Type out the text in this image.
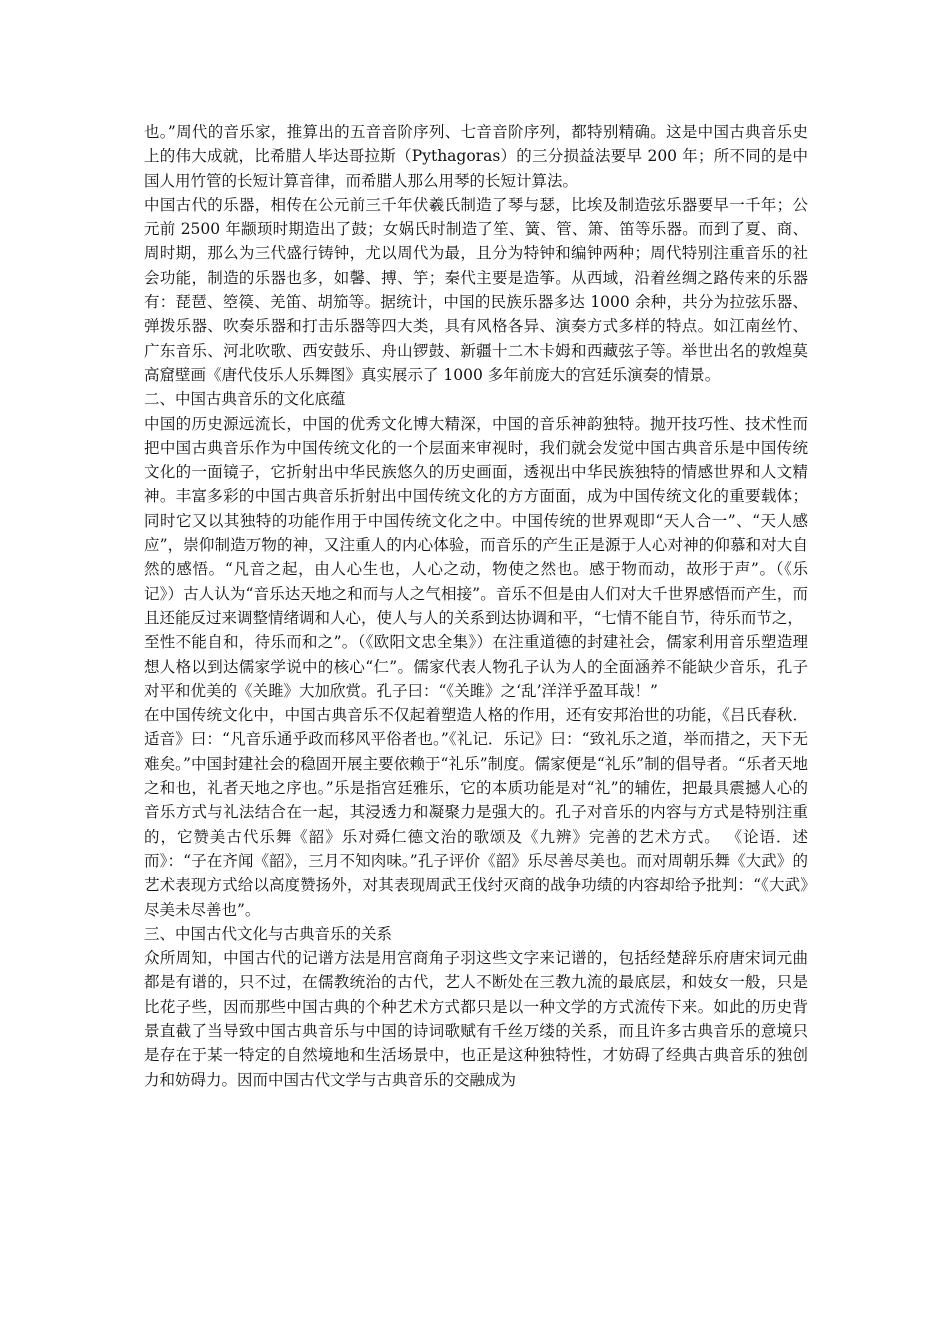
也。”周代的音乐家，推算出的五音音阶序列、七音音阶序列，都特别精确。这是中国古典音乐史上的伟大成就，比希腊人毕达哥拉斯（Pythagoras）的三分损益法要早 200 年；所不同的是中国人用竹管的长短计算音律，而希腊人那么用琴的长短计算法。

中国古代的乐器，相传在公元前三千年伏羲氏制造了琴与瑟，比埃及制造弦乐器要早一千年；公元前 2500 年颛顼时期造出了鼓；女娲氏时制造了笙、簧、管、箫、笛等乐器。而到了夏、商、周时期，那么为三代盛行铸钟，尤以周代为最，且分为特钟和编钟两种；周代特别注重音乐的社会功能，制造的乐器也多，如馨、搏、竽；秦代主要是造筝。从西域，沿着丝绸之路传来的乐器有：琵琶、箜篌、羌笛、胡笳等。据统计，中国的民族乐器多达 1000 余种，共分为拉弦乐器、弹拨乐器、吹奏乐器和打击乐器等四大类，具有风格各异、演奏方式多样的特点。如江南丝竹、广东音乐、河北吹歌、西安鼓乐、舟山锣鼓、新疆十二木卡姆和西藏弦子等。举世出名的敦煌莫高窟壁画《唐代伎乐人乐舞图》真实展示了 1000 多年前庞大的宫廷乐演奏的情景。

二、中国古典音乐的文化底蕴

中国的历史源远流长，中国的优秀文化博大精深，中国的音乐神韵独特。抛开技巧性、技术性而把中国古典音乐作为中国传统文化的一个层面来审视时，我们就会发觉中国古典音乐是中国传统文化的一面镜子，它折射出中华民族悠久的历史画面，透视出中华民族独特的情感世界和人文精神。丰富多彩的中国古典音乐折射出中国传统文化的方方面面，成为中国传统文化的重要载体；同时它又以其独特的功能作用于中国传统文化之中。中国传统的世界观即“天人合一”、“天人感应”，崇仰制造万物的神，又注重人的内心体验，而音乐的产生正是源于人心对神的仰慕和对大自然的感悟。“凡音之起，由人心生也，人心之动，物使之然也。感于物而动，故形于声”。（《乐记》）古人认为“音乐达天地之和而与人之气相接”。音乐不但是由人们对大千世界感悟而产生，而且还能反过来调整情绪调和人心，使人与人的关系到达协调和平，“七情不能自节，待乐而节之，

至性不能自和，待乐而和之”。（《欧阳文忠全集》）在注重道德的封建社会，儒家利用音乐塑造理想人格以到达儒家学说中的核心“仁”。儒家代表人物孔子认为人的全面涵养不能缺少音乐，孔子对平和优美的《关雎》大加欣赏。孔子曰：“《关雎》之‘乱’洋洋乎盈耳哉！”

在中国传统文化中，中国古典音乐不仅起着塑造人格的作用，还有安邦治世的功能，《吕氏春秋．适音》曰：“凡音乐通乎政而移风平俗者也。”《礼记．乐记》曰：“致礼乐之道，举而措之，天下无难矣。”中国封建社会的稳固开展主要依赖于“礼乐”制度。儒家便是“礼乐”制的倡导者。“乐者天地之和也，礼者天地之序也。”乐是指宫廷雅乐，它的本质功能是对“礼”的辅佐，把最具震撼人心的音乐方式与礼法结合在一起，其浸透力和凝聚力是强大的。孔子对音乐的内容与方式是特别注重的，它赞美古代乐舞《韶》乐对舜仁德文治的歌颂及《九辨》完善的艺术方式。 《论语．述而》：“子在齐闻《韶》，三月不知肉味。”孔子评价《韶》乐尽善尽美也。而对周朝乐舞《大武》的艺术表现方式给以高度赞扬外，对其表现周武王伐纣灭商的战争功绩的内容却给予批判：“《大武》尽美未尽善也”。

三、中国古代文化与古典音乐的关系

众所周知，中国古代的记谱方法是用宫商角子羽这些文字来记谱的，包括经楚辞乐府唐宋词元曲都是有谱的，只不过，在儒教统治的古代，艺人不断处在三教九流的最底层，和妓女一般，只是比花子些，因而那些中国古典的个种艺术方式都只是以一种文学的方式流传下来。如此的历史背景直截了当导致中国古典音乐与中国的诗词歌赋有千丝万缕的关系，而且许多古典音乐的意境只是存在于某一特定的自然境地和生活场景中，也正是这种独特性，才妨碍了经典古典音乐的独创力和妨碍力。因而中国古代文学与古典音乐的交融成为
